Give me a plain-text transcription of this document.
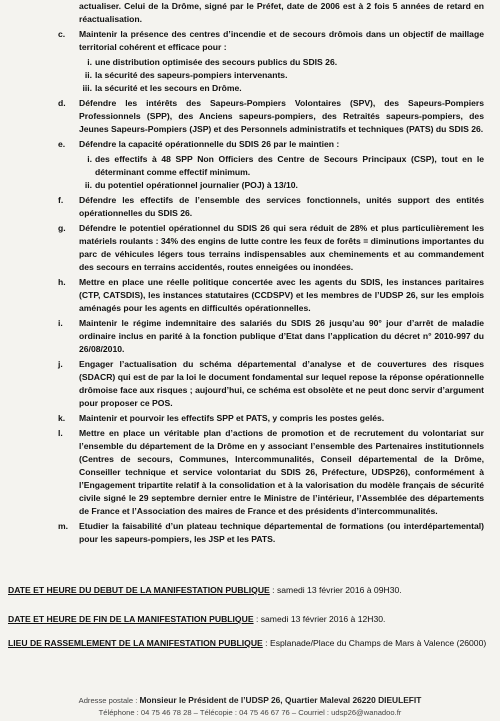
actualiser. Celui de la Drôme, signé par le Préfet, date de 2006 est à 2 fois 5 années de retard en réactualisation.
c. Maintenir la présence des centres d’incendie et de secours drômois dans un objectif de maillage territorial cohérent et efficace pour :
i. une distribution optimisée des secours publics du SDIS 26.
ii. la sécurité des sapeurs-pompiers intervenants.
iii. la sécurité et les secours en Drôme.
d. Défendre les intérêts des Sapeurs-Pompiers Volontaires (SPV), des Sapeurs-Pompiers Professionnels (SPP), des Anciens sapeurs-pompiers, des Retraités sapeurs-pompiers, des Jeunes Sapeurs-Pompiers (JSP) et des Personnels administratifs et techniques (PATS) du SDIS 26.
e. Défendre la capacité opérationnelle du SDIS 26 par le maintien :
i. des effectifs à 48 SPP Non Officiers des Centre de Secours Principaux (CSP), tout en le déterminant comme effectif minimum.
ii. du potentiel opérationnel journalier (POJ) à 13/10.
f. Défendre les effectifs de l’ensemble des services fonctionnels, unités support des entités opérationnelles du SDIS 26.
g. Défendre le potentiel opérationnel du SDIS 26 qui sera réduit de 28% et plus particulièrement les matériels roulants : 34% des engins de lutte contre les feux de forêts = diminutions importantes du parc de véhicules légers tous terrains indispensables aux cheminements et au commandement des secours en terrains accidentés, routes enneigées ou inondées.
h. Mettre en place une réelle politique concertée avec les agents du SDIS, les instances paritaires (CTP, CATSDIS), les instances statutaires (CCDSPV) et les membres de l’UDSP 26, sur les emplois aménagés pour les agents en difficultés opérationnelles.
i. Maintenir le régime indemnitaire des salariés du SDIS 26 jusqu’au 90° jour d’arrêt de maladie ordinaire inclus en parité à la fonction publique d’Etat dans l’application du décret n° 2010-997 du 26/08/2010.
j. Engager l’actualisation du schéma départemental d’analyse et de couvertures des risques (SDACR) qui est de par la loi le document fondamental sur lequel repose la réponse opérationnelle drômoise face aux risques ; aujourd’hui, ce schéma est obsolète et ne peut donc servir d’argument pour proposer ce POS.
k. Maintenir et pourvoir les effectifs SPP et PATS, y compris les postes gelés.
l. Mettre en place un véritable plan d’actions de promotion et de recrutement du volontariat sur l’ensemble du département de la Drôme en y associant l’ensemble des Partenaires institutionnels (Centres de secours, Communes, Intercommunalités, Conseil départemental de la Drôme, Conseiller technique et service volontariat du SDIS 26, Préfecture, UDSP26), conformément à l’Engagement tripartite relatif à la consolidation et à la valorisation du modèle français de sécurité civile signé le 29 septembre dernier entre le Ministre de l’intérieur, l’Assemblée des départements de France et l’Association des maires de France et des présidents d’intercommunalités.
m. Etudier la faisabilité d’un plateau technique départemental de formations (ou interdépartemental) pour les sapeurs-pompiers, les JSP et les PATS.
DATE ET HEURE DU DEBUT DE LA MANIFESTATION PUBLIQUE : samedi 13 février 2016 à 09H30.
DATE ET HEURE DE FIN DE LA MANIFESTATION PUBLIQUE : samedi 13 février 2016 à 12H30.
LIEU DE RASSEMLEMENT DE LA MANIFESTATION PUBLIQUE : Esplanade/Place du Champs de Mars à Valence (26000)
Adresse postale : Monsieur le Président de l’UDSP 26, Quartier Maleval 26220 DIEULEFIT
Téléphone : 04 75 46 78 28 – Télécopie : 04 75 46 67 76 – Courriel : udsp26@wanadoo.fr
